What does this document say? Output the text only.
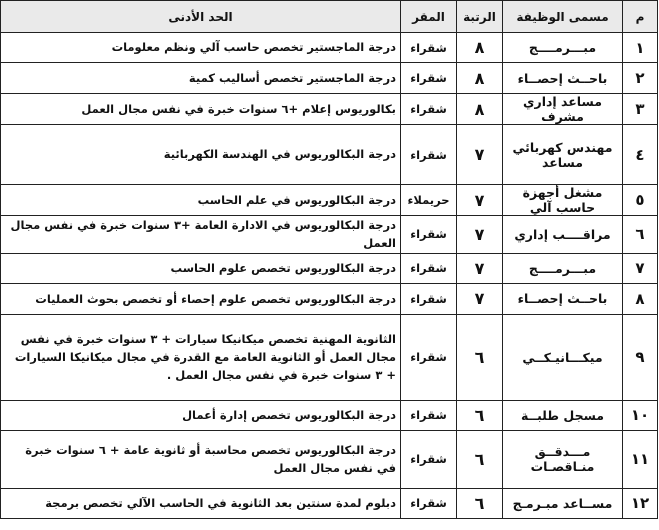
م	مسمى الوظيفة	الرتبة	المقر	الحد الأدنى
١	مبـــرمــــج	٨	شقراء	درجة الماجستير تخصص حاسب آلي ونظم معلومات
٢	باحــث إحصــاء	٨	شقراء	درجة الماجستير تخصص أساليب كمية
٣	مساعد إداري مشرف	٨	شقراء	بكالوريوس إعلام +٦ سنوات خبرة في نفس مجال العمل
٤	مهندس كهربائي مساعد	٧	شقراء	درجة البكالوريوس في الهندسة الكهربائية
٥	مشغل أجهزة حاسب آلي	٧	حريملاء	درجة البكالوريوس في علم الحاسب
٦	مراقــــب إداري	٧	شقراء	درجة البكالوريوس في الادارة العامة +٣ سنوات خبرة في نفس مجال العمل
٧	مبـــرمــــج	٧	شقراء	درجة البكالوريوس تخصص علوم الحاسب
٨	باحــث إحصــاء	٧	شقراء	درجة البكالوريوس تخصص علوم إحصاء أو تخصص بحوث العمليات
٩	ميكـــانيـكــي	٦	شقراء	الثانوية المهنية تخصص ميكانيكا سيارات + ٣ سنوات خبرة في نفس مجال العمل أو الثانوية العامة مع القدرة في مجال ميكانيكا السيارات + ٣ سنوات خبرة في نفس مجال العمل .
١٠	مسجل طلبــة	٦	شقراء	درجة البكالوريوس تخصص إدارة أعمال
١١	مـــدقــق منـاقصـات	٦	شقراء	درجة البكالوريوس تخصص محاسبة أو ثانوية عامة + ٦ سنوات خبرة في نفس مجال العمل
١٢	مســاعد مبـرمـج	٦	شقراء	دبلوم لمدة سنتين بعد الثانوية في الحاسب الآلي تخصص برمجة
